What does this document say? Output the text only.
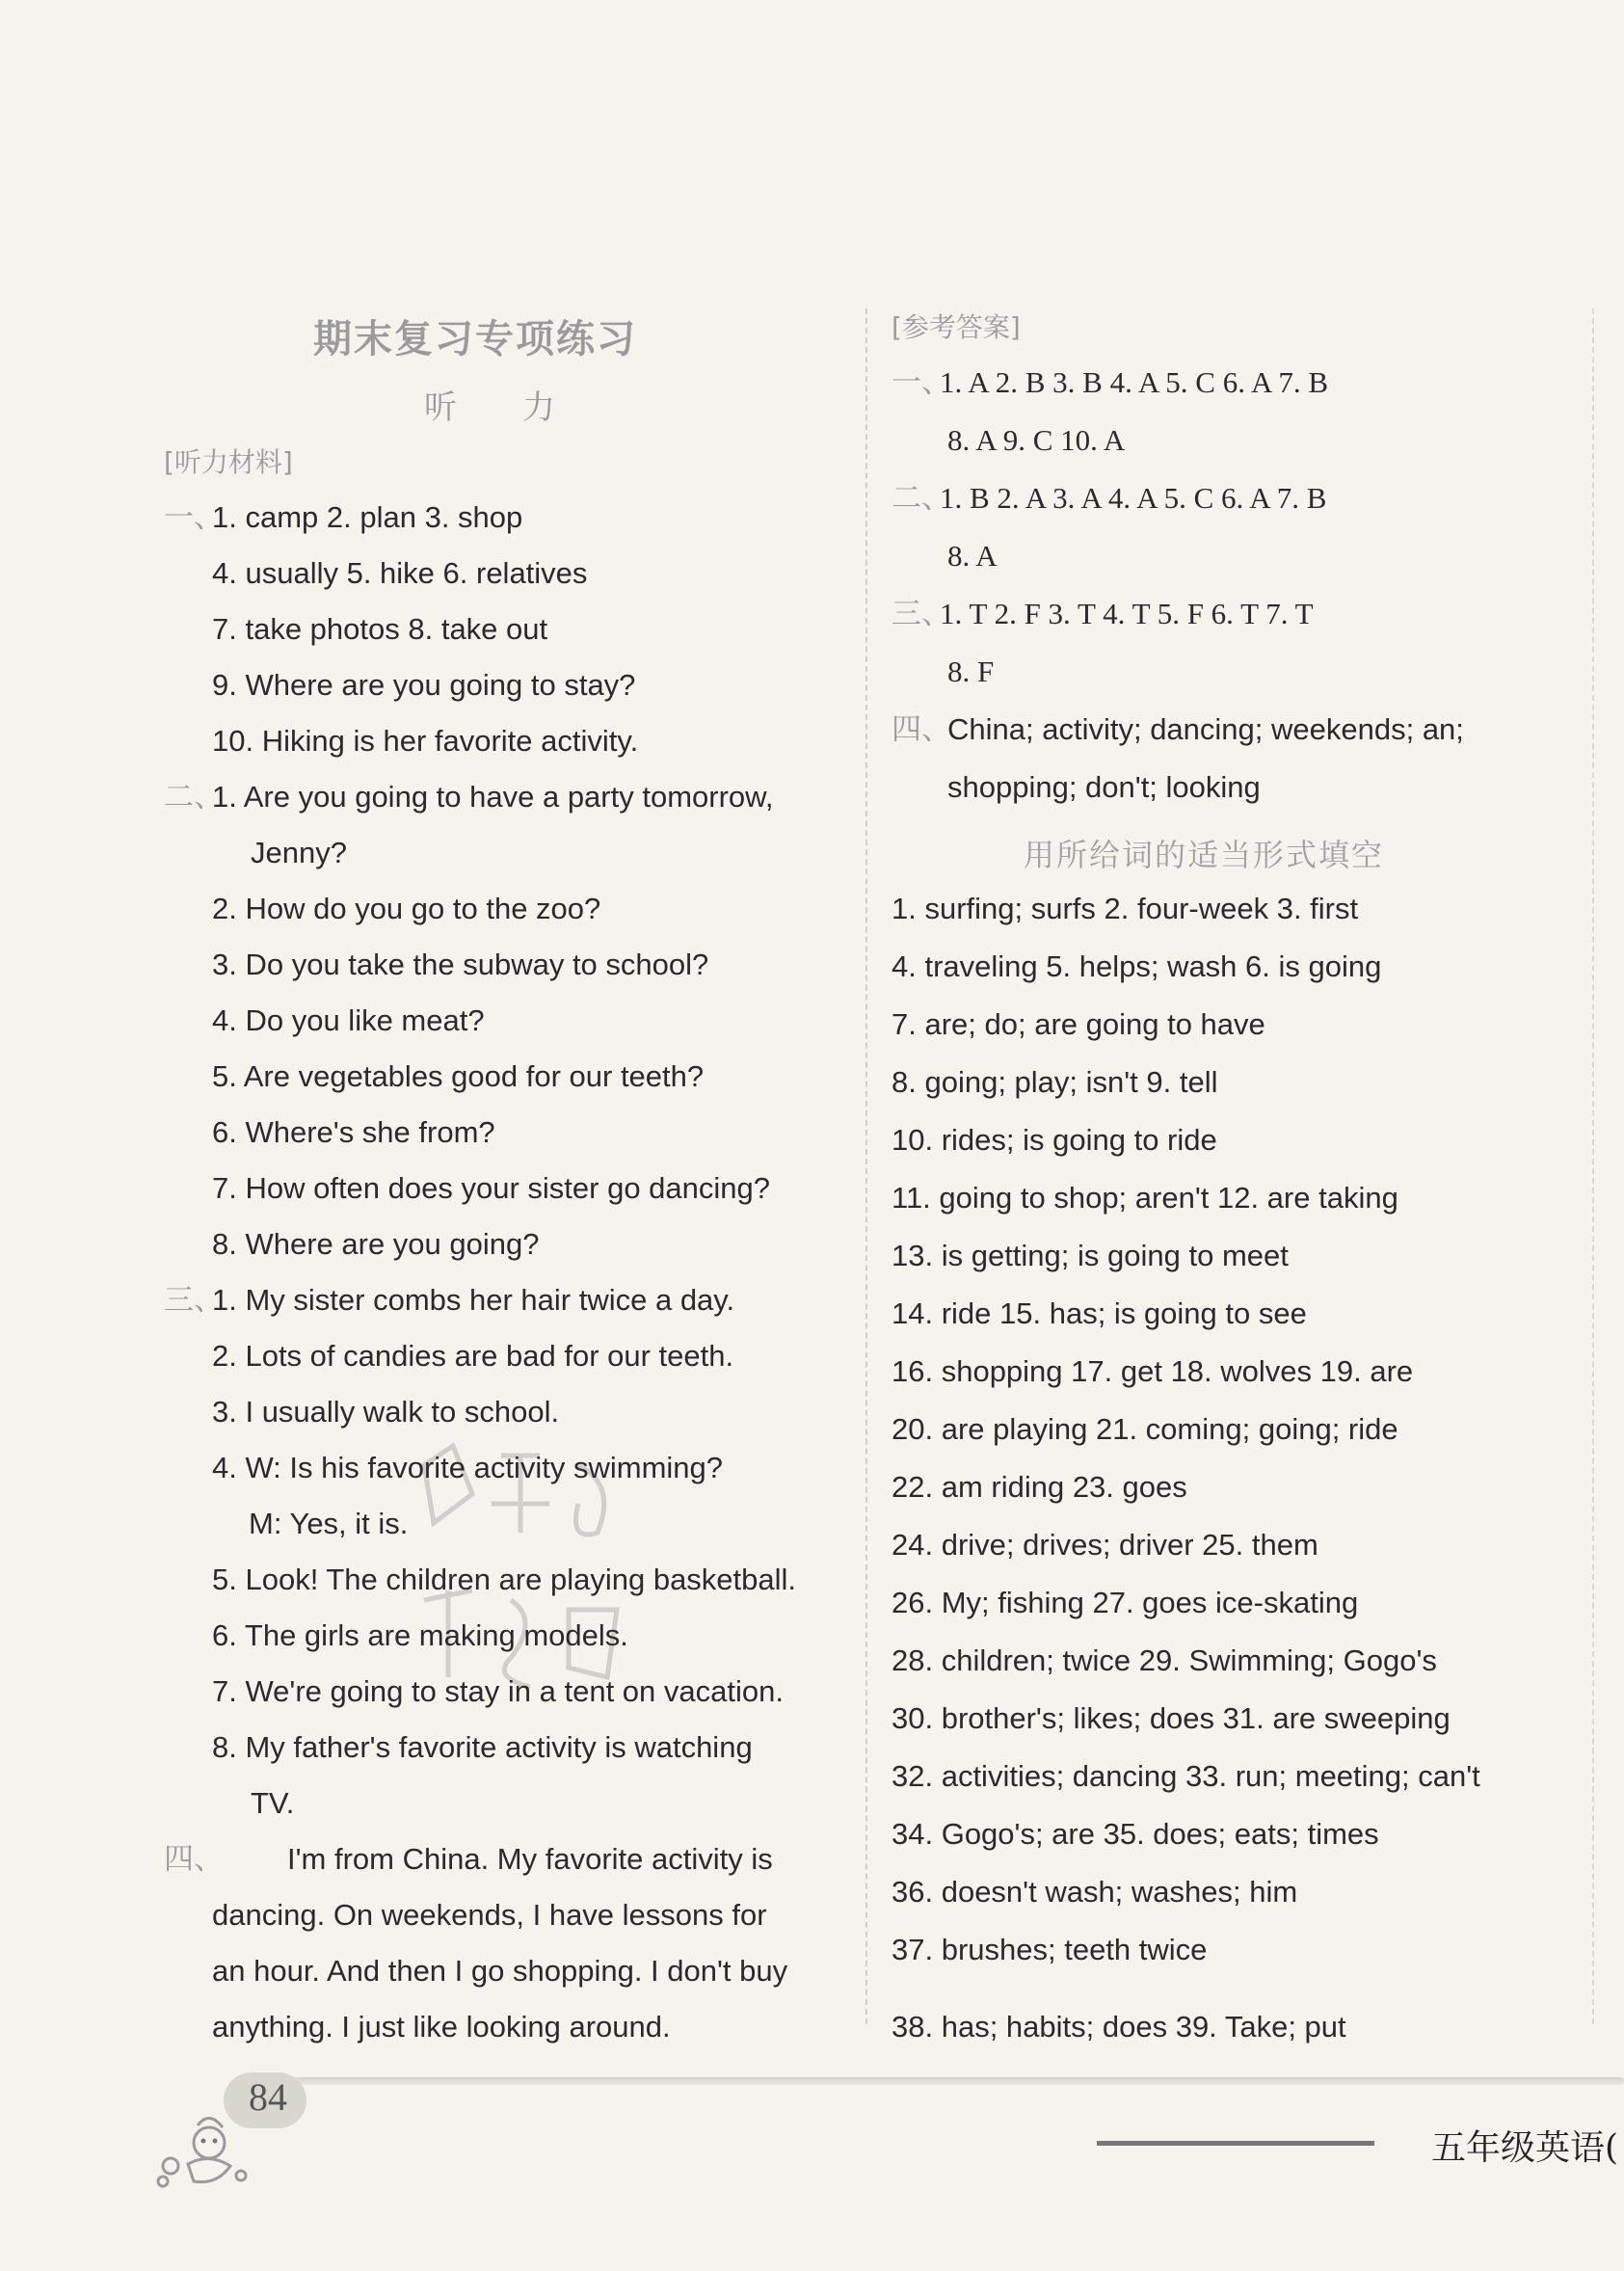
期末复习专项练习
听　　力
[听力材料]
一、
1. camp 2. plan 3. shop
4. usually 5. hike 6. relatives
7. take photos 8. take out
9. Where are you going to stay?
10. Hiking is her favorite activity.
二、
1. Are you going to have a party tomorrow,
Jenny?
2. How do you go to the zoo?
3. Do you take the subway to school?
4. Do you like meat?
5. Are vegetables good for our teeth?
6. Where's she from?
7. How often does your sister go dancing?
8. Where are you going?
三、
1. My sister combs her hair twice a day.
2. Lots of candies are bad for our teeth.
3. I usually walk to school.
4. W: Is his favorite activity swimming?
M: Yes, it is.
5. Look! The children are playing basketball.
6. The girls are making models.
7. We're going to stay in a tent on vacation.
8. My father's favorite activity is watching
TV.
四、 I'm from China. My favorite activity is
dancing. On weekends, I have lessons for
an hour. And then I go shopping. I don't buy
anything. I just like looking around.
[参考答案]
一、
1. A 2. B 3. B 4. A 5. C 6. A 7. B
8. A 9. C 10. A
二、
1. B 2. A 3. A 4. A 5. C 6. A 7. B
8. A
三、
1. T 2. F 3. T 4. T 5. F 6. T 7. T
8. F
四、
China; activity; dancing; weekends; an;
shopping; don't; looking
用所给词的适当形式填空
1. surfing; surfs 2. four-week 3. first
4. traveling 5. helps; wash 6. is going
7. are; do; are going to have
8. going; play; isn't 9. tell
10. rides; is going to ride
11. going to shop; aren't 12. are taking
13. is getting; is going to meet
14. ride 15. has; is going to see
16. shopping 17. get 18. wolves 19. are
20. are playing 21. coming; going; ride
22. am riding 23. goes
24. drive; drives; driver 25. them
26. My; fishing 27. goes ice-skating
28. children; twice 29. Swimming; Gogo's
30. brother's; likes; does 31. are sweeping
32. activities; dancing 33. run; meeting; can't
34. Gogo's; are 35. does; eats; times
36. doesn't wash; washes; him
37. brushes; teeth twice
38. has; habits; does 39. Take; put
84
五年级英语(
